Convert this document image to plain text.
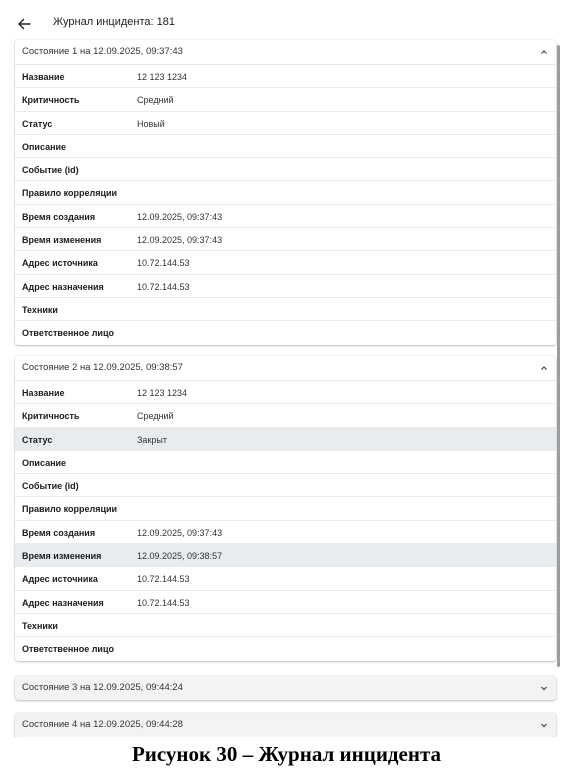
Журнал инцидента: 181
Состояние 1 на 12.09.2025, 09:37:43
Название	12 123 1234
Критичность	Средний
Статус	Новый
Описание
Событие (id)
Правило корреляции
Время создания	12.09.2025, 09:37:43
Время изменения	12.09.2025, 09:37:43
Адрес источника	10.72.144.53
Адрес назначения	10.72.144.53
Техники
Ответственное лицо
Состояние 2 на 12.09.2025, 09:38:57
Название	12 123 1234
Критичность	Средний
Статус	Закрыт
Описание
Событие (id)
Правило корреляции
Время создания	12.09.2025, 09:37:43
Время изменения	12.09.2025, 09:38:57
Адрес источника	10.72.144.53
Адрес назначения	10.72.144.53
Техники
Ответственное лицо
Состояние 3 на 12.09.2025, 09:44:24
Состояние 4 на 12.09.2025, 09:44:28
Рисунок 30 – Журнал инцидента
